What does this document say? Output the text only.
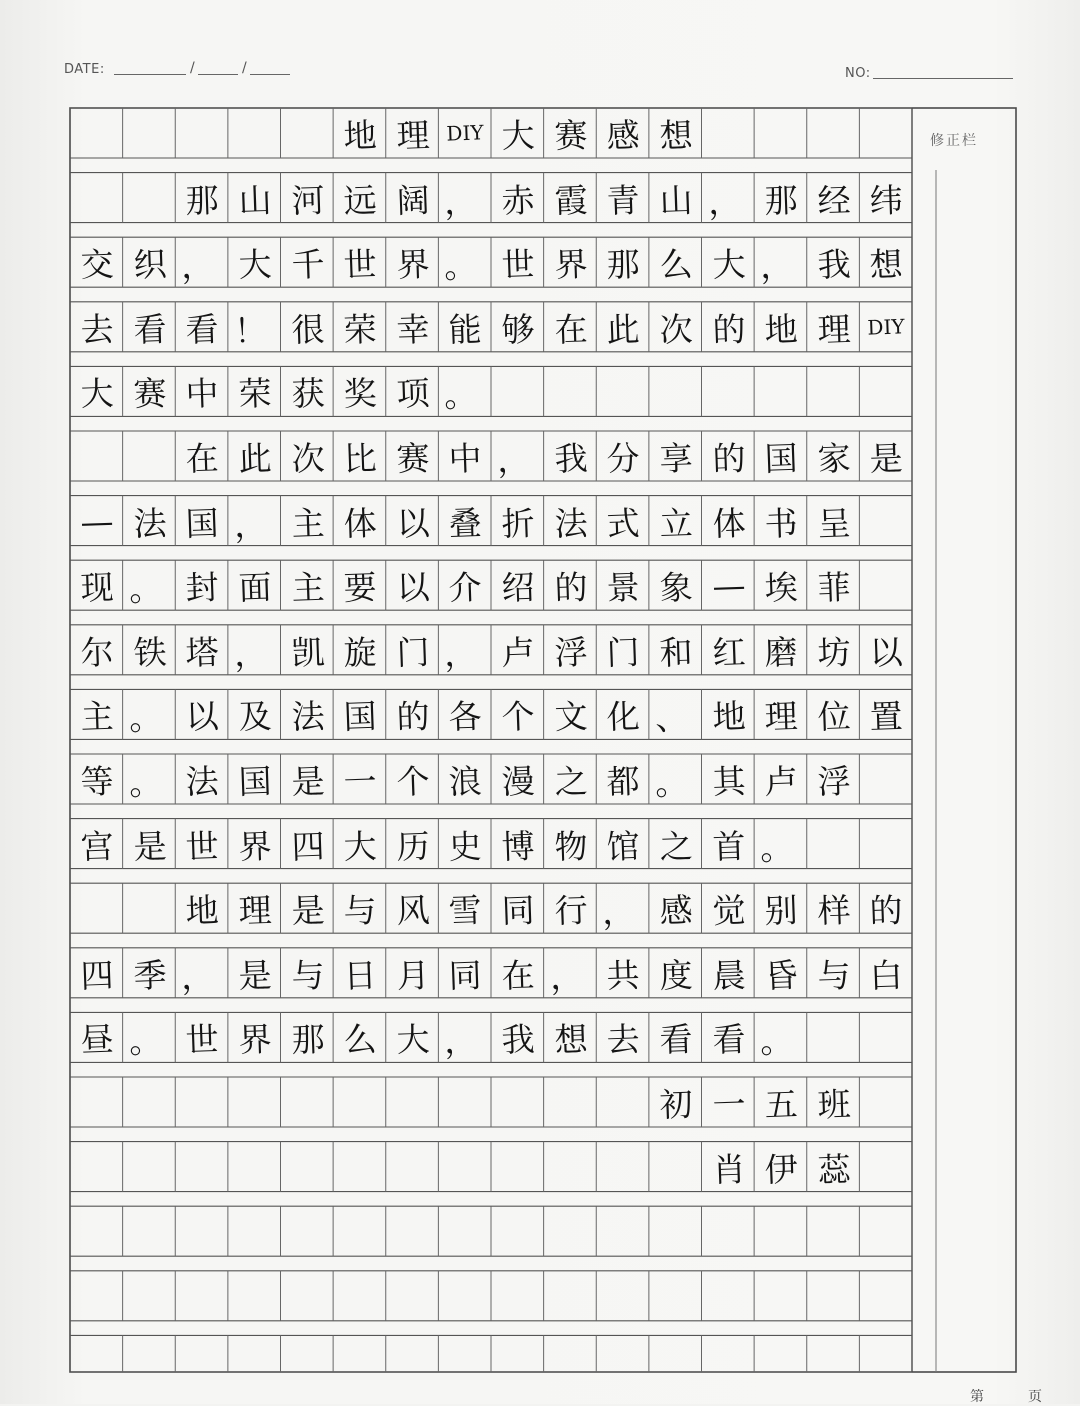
DATE:	/	/	NO:
修正栏
地 理 DIY 大 赛 感 想
那 山 河 远 阔 ， 赤 霞 青 山 ， 那 经 纬
交 织 ， 大 千 世 界 。 世 界 那 么 大 ， 我 想
去 看 看 ！ 很 荣 幸 能 够 在 此 次 的 地 理 DIY
大 赛 中 荣 获 奖 项 。
在 此 次 比 赛 中 ， 我 分 享 的 国 家 是
— 法 国 ， 主 体 以 叠 折 法 式 立 体 书 呈
现 。 封 面 主 要 以 介 绍 的 景 象 — 埃 菲
尔 铁 塔 ， 凯 旋 门 ， 卢 浮 门 和 红 磨 坊 以
主 。 以 及 法 国 的 各 个 文 化 、 地 理 位 置
等 。 法 国 是 一 个 浪 漫 之 都 。 其 卢 浮
宫 是 世 界 四 大 历 史 博 物 馆 之 首 。
地 理 是 与 风 雪 同 行 ， 感 觉 别 样 的
四 季 ， 是 与 日 月 同 在 ， 共 度 晨 昏 与 白
昼 。 世 界 那 么 大 ， 我 想 去 看 看 。
初 一 五 班
肖 伊 蕊
第	页
